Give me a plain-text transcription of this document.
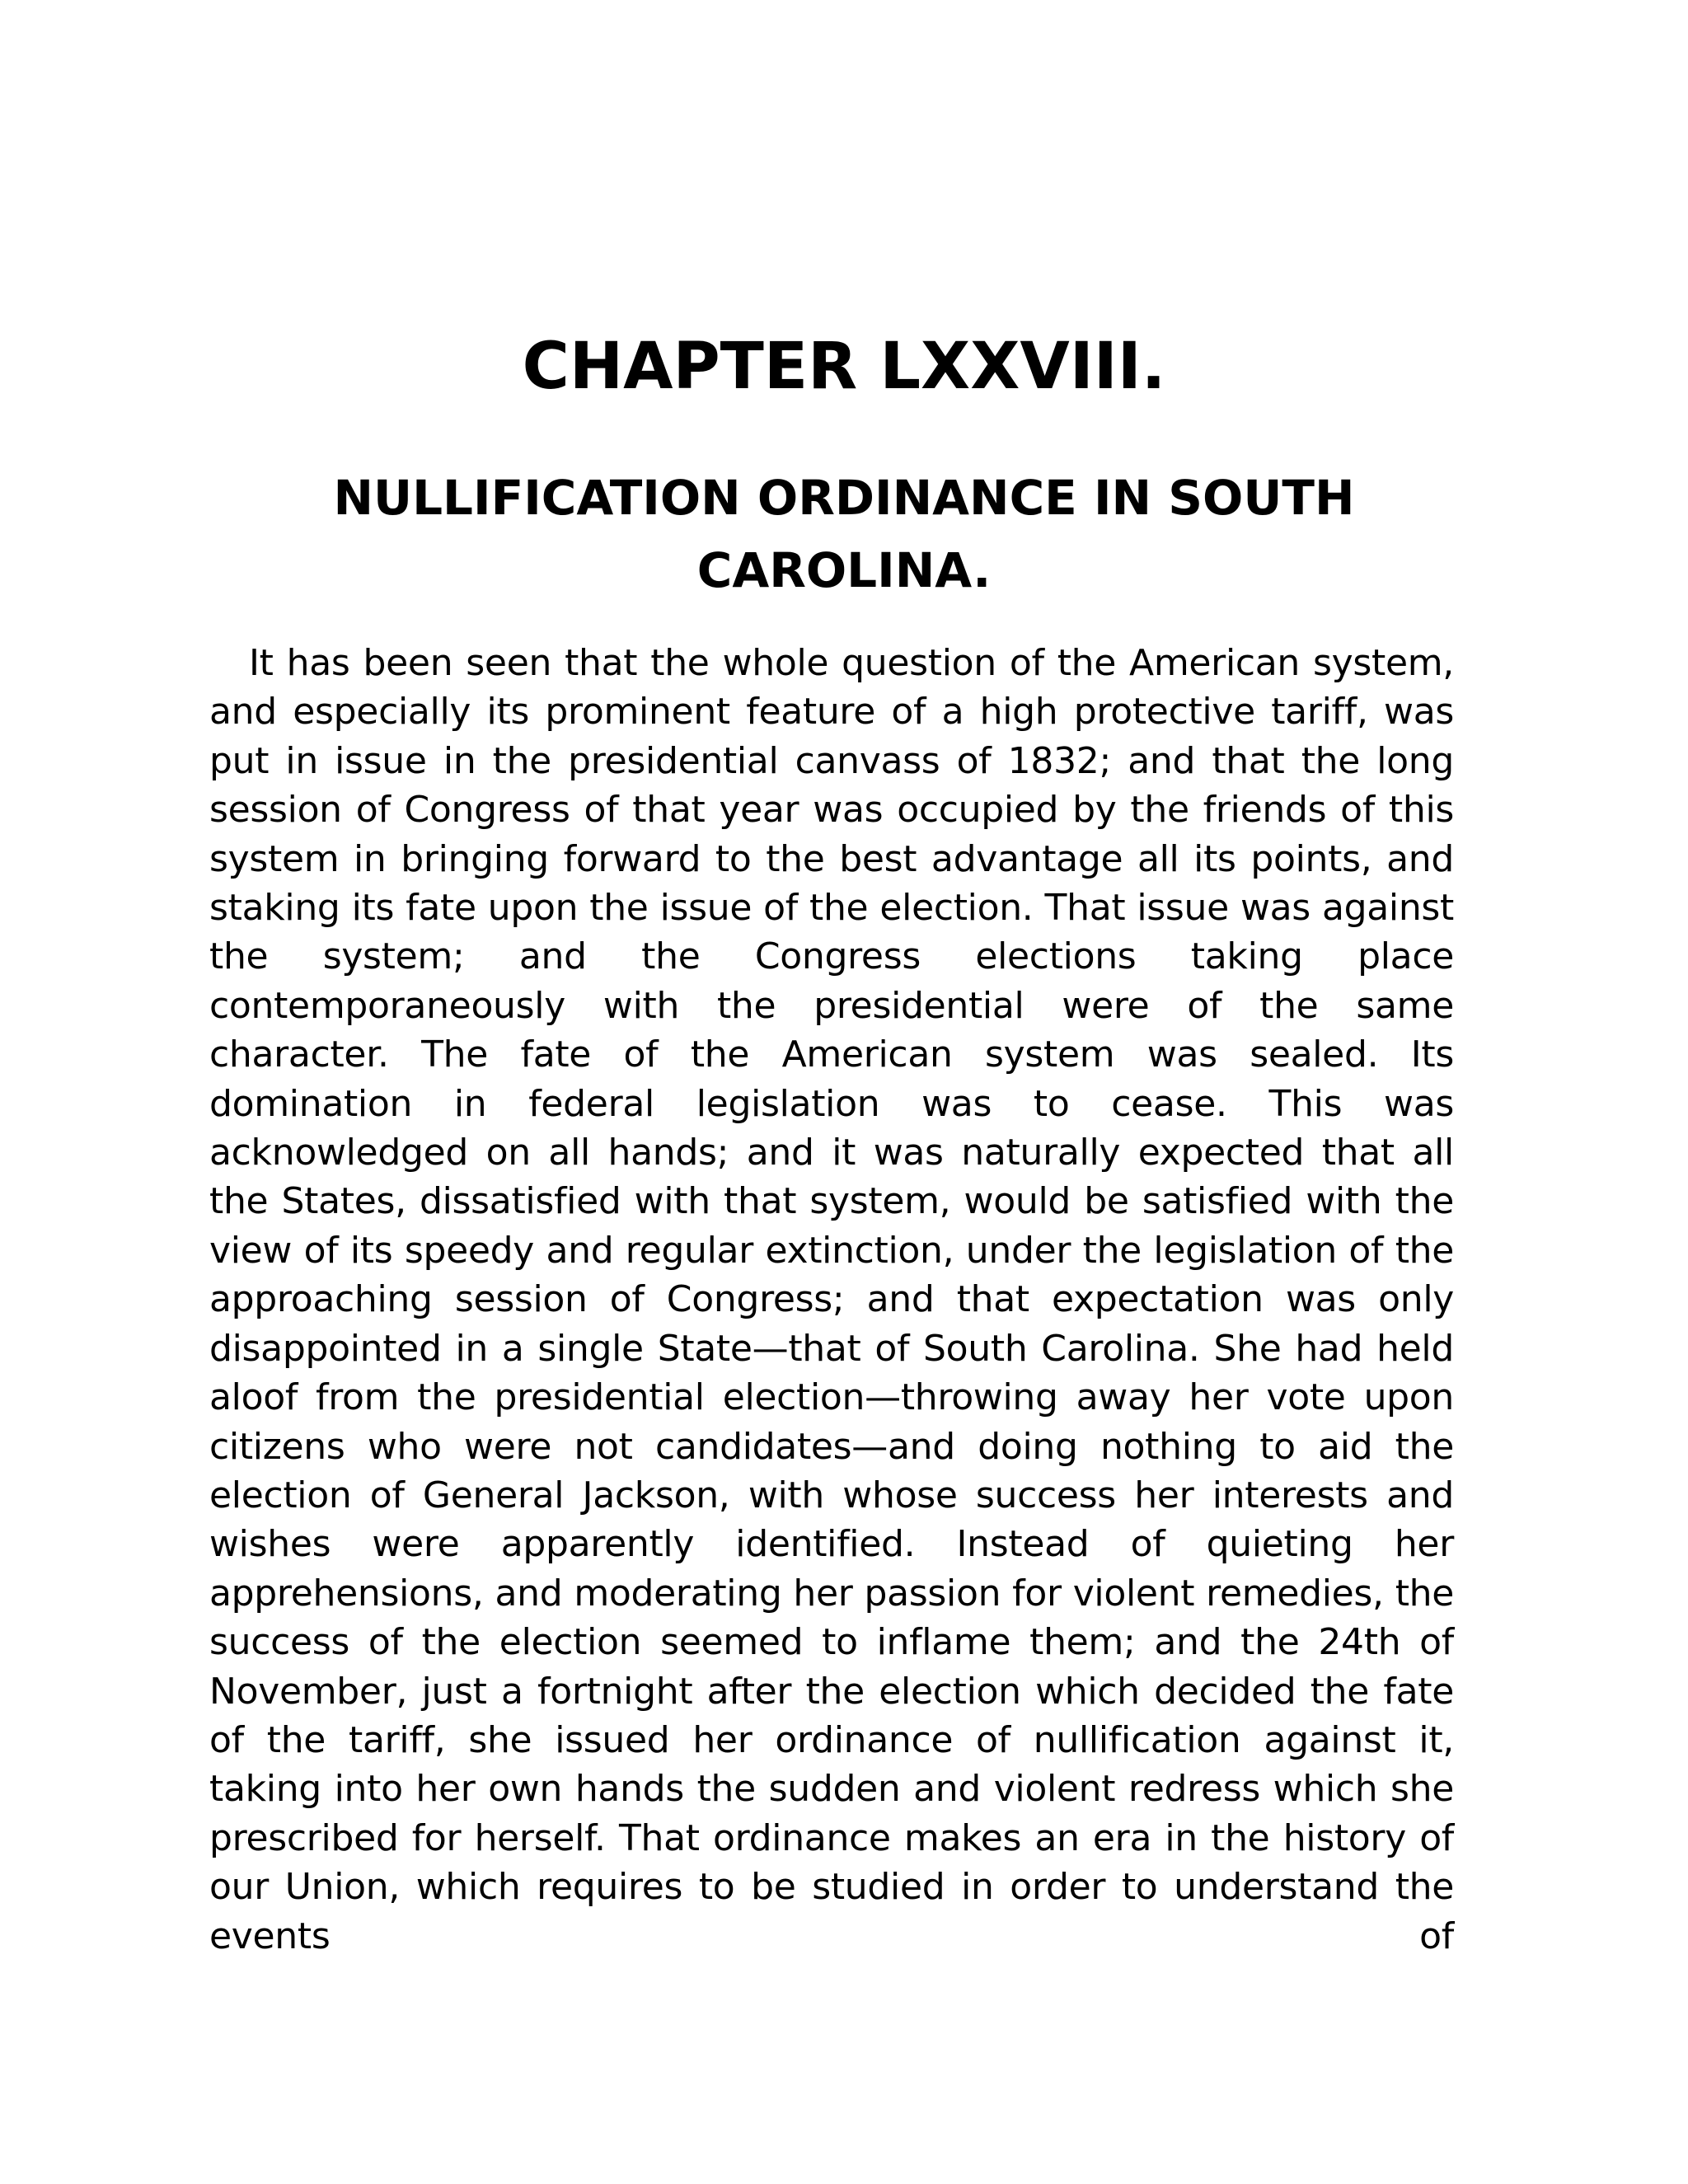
CHAPTER LXXVIII.
NULLIFICATION ORDINANCE IN SOUTH CAROLINA.

It has been seen that the whole question of the American system, and especially its prominent feature of a high protective tariff, was put in issue in the presidential canvass of 1832; and that the long session of Congress of that year was occupied by the friends of this system in bringing forward to the best advantage all its points, and staking its fate upon the issue of the election. That issue was against the system; and the Congress elections taking place contemporaneously with the presidential were of the same character. The fate of the American system was sealed. Its domination in federal legislation was to cease. This was acknowledged on all hands; and it was naturally expected that all the States, dissatisfied with that system, would be satisfied with the view of its speedy and regular extinction, under the legislation of the approaching session of Congress; and that expectation was only disappointed in a single State—that of South Carolina. She had held aloof from the presidential election—throwing away her vote upon citizens who were not candidates—and doing nothing to aid the election of General Jackson, with whose success her interests and wishes were apparently identified. Instead of quieting her apprehensions, and moderating her passion for violent remedies, the success of the election seemed to inflame them; and the 24th of November, just a fortnight after the election which decided the fate of the tariff, she issued her ordinance of nullification against it, taking into her own hands the sudden and violent redress which she prescribed for herself. That ordinance makes an era in the history of our Union, which requires to be studied in order to understand the events of
